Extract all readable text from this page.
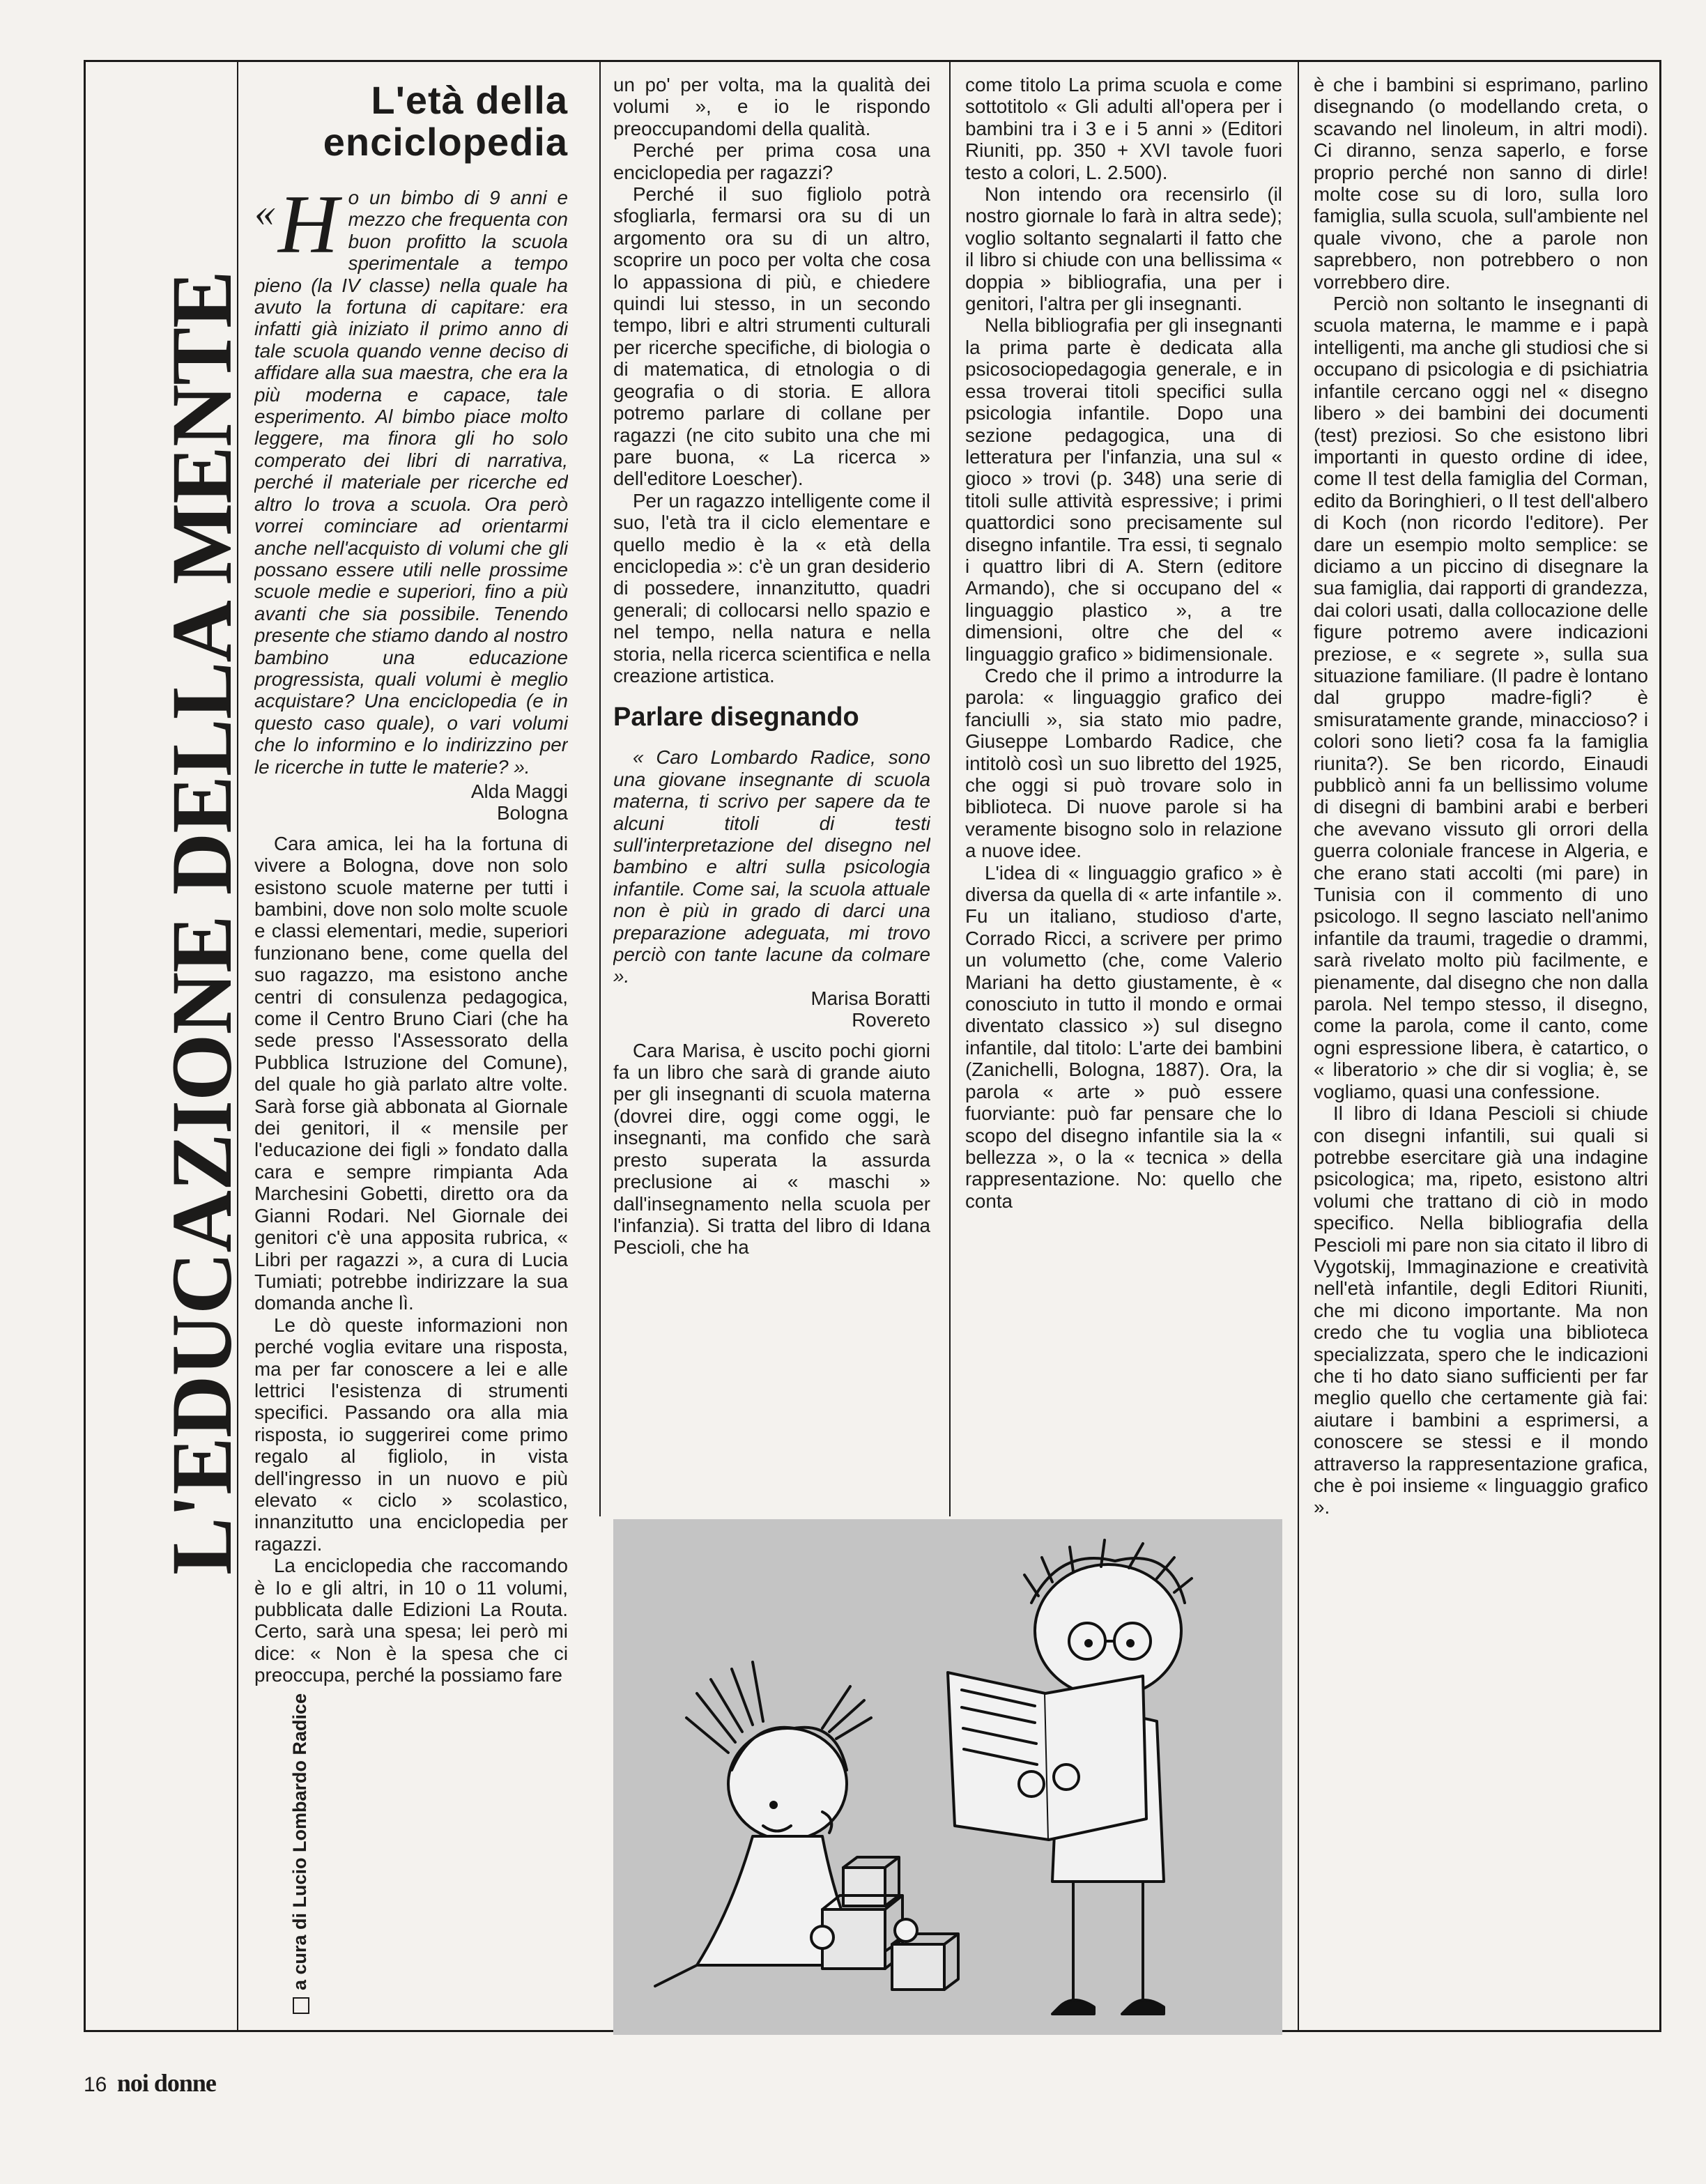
L'EDUCAZIONE DELLA MENTE
a cura di Lucio Lombardo Radice
L'età della
enciclopedia

« H o un bimbo di 9 anni e mezzo che frequenta con buon profitto la scuola sperimentale a tempo pieno (la IV classe) nella quale ha avuto la fortuna di capitare: era infatti già iniziato il primo anno di tale scuola quando venne deciso di affidare alla sua maestra, che era la più moderna e capace, tale esperimento. Al bimbo piace molto leggere, ma finora gli ho solo comperato dei libri di narrativa, perché il materiale per ricerche ed altro lo trova a scuola. Ora però vorrei cominciare ad orientarmi anche nell'acquisto di volumi che gli possano essere utili nelle prossime scuole medie e superiori, fino a più avanti che sia possibile. Tenendo presente che stiamo dando al nostro bambino una educazione progressista, quali volumi è meglio acquistare? Una enciclopedia (e in questo caso quale), o vari volumi che lo informino e lo indirizzino per le ricerche in tutte le materie? ».

Alda Maggi

Bologna

Cara amica, lei ha la fortuna di vivere a Bologna, dove non solo esistono scuole materne per tutti i bambini, dove non solo molte scuole e classi elementari, medie, superiori funzionano bene, come quella del suo ragazzo, ma esistono anche centri di consulenza pedagogica, come il Centro Bruno Ciari (che ha sede presso l'Assessorato della Pubblica Istruzione del Comune), del quale ho già parlato altre volte. Sarà forse già abbonata al Giornale dei genitori, il « mensile per l'educazione dei figli » fondato dalla cara e sempre rimpianta Ada Marchesini Gobetti, diretto ora da Gianni Rodari. Nel Giornale dei genitori c'è una apposita rubrica, « Libri per ragazzi », a cura di Lucia Tumiati; potrebbe indirizzare la sua domanda anche lì.

Le dò queste informazioni non perché voglia evitare una risposta, ma per far conoscere a lei e alle lettrici l'esistenza di strumenti specifici. Passando ora alla mia risposta, io suggerirei come primo regalo al figliolo, in vista dell'ingresso in un nuovo e più elevato « ciclo » scolastico, innanzitutto una enciclopedia per ragazzi.

La enciclopedia che raccomando è Io e gli altri, in 10 o 11 volumi, pubblicata dalle Edizioni La Routa. Certo, sarà una spesa; lei però mi dice: « Non è la spesa che ci preoccupa, perché la possiamo fare

un po' per volta, ma la qualità dei volumi », e io le rispondo preoccupandomi della qualità.

Perché per prima cosa una enciclopedia per ragazzi?

Perché il suo figliolo potrà sfogliarla, fermarsi ora su di un argomento ora su di un altro, scoprire un poco per volta che cosa lo appassiona di più, e chiedere quindi lui stesso, in un secondo tempo, libri e altri strumenti culturali per ricerche specifiche, di biologia o di matematica, di etnologia o di geografia o di storia. E allora potremo parlare di collane per ragazzi (ne cito subito una che mi pare buona, « La ricerca » dell'editore Loescher).

Per un ragazzo intelligente come il suo, l'età tra il ciclo elementare e quello medio è la « età della enciclopedia »: c'è un gran desiderio di possedere, innanzitutto, quadri generali; di collocarsi nello spazio e nel tempo, nella natura e nella storia, nella ricerca scientifica e nella creazione artistica.

Parlare disegnando

« Caro Lombardo Radice, sono una giovane insegnante di scuola materna, ti scrivo per sapere da te alcuni titoli di testi sull'interpretazione del disegno nel bambino e altri sulla psicologia infantile. Come sai, la scuola attuale non è più in grado di darci una preparazione adeguata, mi trovo perciò con tante lacune da colmare ».

Marisa Boratti

Rovereto

Cara Marisa, è uscito pochi giorni fa un libro che sarà di grande aiuto per gli insegnanti di scuola materna (dovrei dire, oggi come oggi, le insegnanti, ma confido che sarà presto superata la assurda preclusione ai « maschi » dall'insegnamento nella scuola per l'infanzia). Si tratta del libro di Idana Pescioli, che ha

come titolo La prima scuola e come sottotitolo « Gli adulti all'opera per i bambini tra i 3 e i 5 anni » (Editori Riuniti, pp. 350 + XVI tavole fuori testo a colori, L. 2.500).

Non intendo ora recensirlo (il nostro giornale lo farà in altra sede); voglio soltanto segnalarti il fatto che il libro si chiude con una bellissima « doppia » bibliografia, una per i genitori, l'altra per gli insegnanti.

Nella bibliografia per gli insegnanti la prima parte è dedicata alla psicosociopedagogia generale, e in essa troverai titoli specifici sulla psicologia infantile. Dopo una sezione pedagogica, una di letteratura per l'infanzia, una sul « gioco » trovi (p. 348) una serie di titoli sulle attività espressive; i primi quattordici sono precisamente sul disegno infantile. Tra essi, ti segnalo i quattro libri di A. Stern (editore Armando), che si occupano del « linguaggio plastico », a tre dimensioni, oltre che del « linguaggio grafico » bidimensionale.

Credo che il primo a introdurre la parola: « linguaggio grafico dei fanciulli », sia stato mio padre, Giuseppe Lombardo Radice, che intitolò così un suo libretto del 1925, che oggi si può trovare solo in biblioteca. Di nuove parole si ha veramente bisogno solo in relazione a nuove idee.

L'idea di « linguaggio grafico » è diversa da quella di « arte infantile ». Fu un italiano, studioso d'arte, Corrado Ricci, a scrivere per primo un volumetto (che, come Valerio Mariani ha detto giustamente, è « conosciuto in tutto il mondo e ormai diventato classico ») sul disegno infantile, dal titolo: L'arte dei bambini (Zanichelli, Bologna, 1887). Ora, la parola « arte » può essere fuorviante: può far pensare che lo scopo del disegno infantile sia la « bellezza », o la « tecnica » della rappresentazione. No: quello che conta

è che i bambini si esprimano, parlino disegnando (o modellando creta, o scavando nel linoleum, in altri modi). Ci diranno, senza saperlo, e forse proprio perché non sanno di dirle! molte cose su di loro, sulla loro famiglia, sulla scuola, sull'ambiente nel quale vivono, che a parole non saprebbero, non potrebbero o non vorrebbero dire.

Perciò non soltanto le insegnanti di scuola materna, le mamme e i papà intelligenti, ma anche gli studiosi che si occupano di psicologia e di psichiatria infantile cercano oggi nel « disegno libero » dei bambini dei documenti (test) preziosi. So che esistono libri importanti in questo ordine di idee, come Il test della famiglia del Corman, edito da Boringhieri, o Il test dell'albero di Koch (non ricordo l'editore). Per dare un esempio molto semplice: se diciamo a un piccino di disegnare la sua famiglia, dai rapporti di grandezza, dai colori usati, dalla collocazione delle figure potremo avere indicazioni preziose, e « segrete », sulla sua situazione familiare. (Il padre è lontano dal gruppo madre-figli? è smisuratamente grande, minaccioso? i colori sono lieti? cosa fa la famiglia riunita?). Se ben ricordo, Einaudi pubblicò anni fa un bellissimo volume di disegni di bambini arabi e berberi che avevano vissuto gli orrori della guerra coloniale francese in Algeria, e che erano stati accolti (mi pare) in Tunisia con il commento di uno psicologo. Il segno lasciato nell'animo infantile da traumi, tragedie o drammi, sarà rivelato molto più facilmente, e pienamente, dal disegno che non dalla parola. Nel tempo stesso, il disegno, come la parola, come il canto, come ogni espressione libera, è catartico, o « liberatorio » che dir si voglia; è, se vogliamo, quasi una confessione.

Il libro di Idana Pescioli si chiude con disegni infantili, sui quali si potrebbe esercitare già una indagine psicologica; ma, ripeto, esistono altri volumi che trattano di ciò in modo specifico. Nella bibliografia della Pescioli mi pare non sia citato il libro di Vygotskij, Immaginazione e creatività nell'età infantile, degli Editori Riuniti, che mi dicono importante. Ma non credo che tu voglia una biblioteca specializzata, spero che le indicazioni che ti ho dato siano sufficienti per far meglio quello che certamente già fai: aiutare i bambini a esprimersi, a conoscere se stessi e il mondo attraverso la rappresentazione grafica, che è poi insieme « linguaggio grafico ».

16 noi donne
